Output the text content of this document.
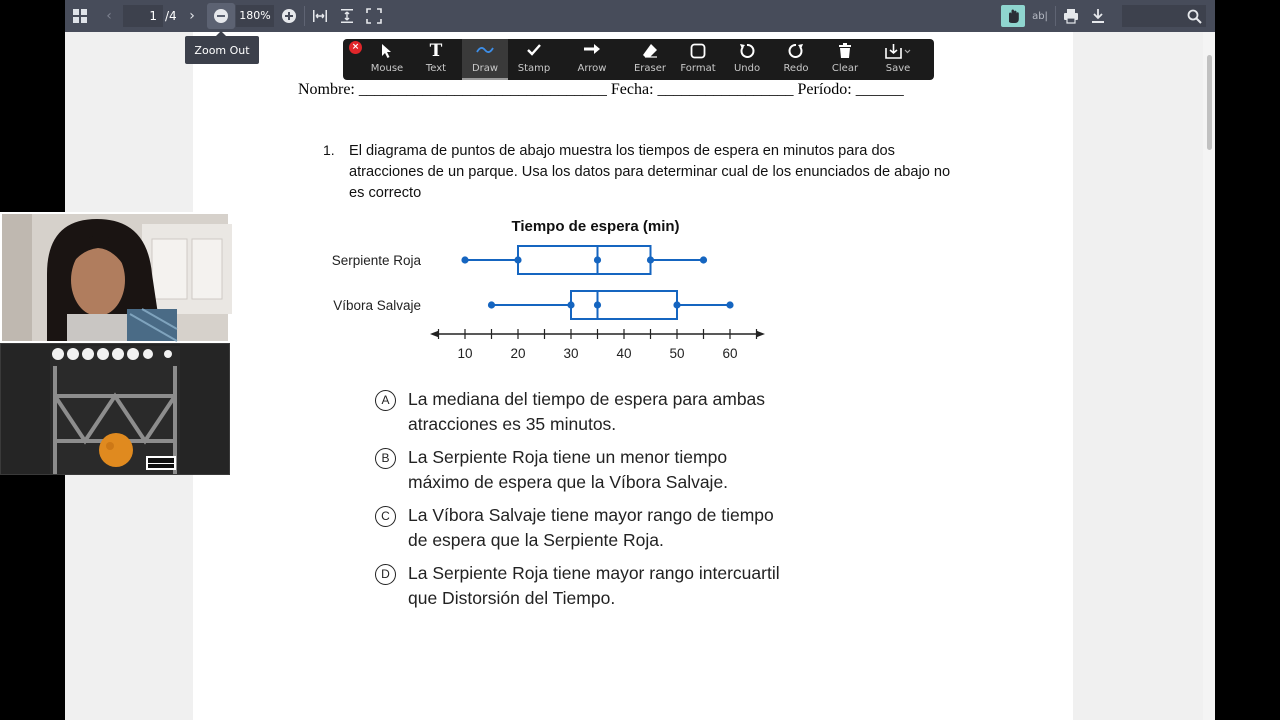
‹	1 /4 ›	180%	ab|
Zoom Out
Nombre: _______________________________ Fecha: _________________ Período: ______
1. El diagrama de puntos de abajo muestra los tiempos de espera en minutos para dos atracciones de un parque. Usa los datos para determinar cual de los enunciados de abajo no es correcto
Tiempo de espera (min)
Serpiente Roja
Víbora Salvaje
10	20	30	40	50	60
A	La mediana del tiempo de espera para ambas atracciones es 35 minutos.
B	La Serpiente Roja tiene un menor tiempo máximo de espera que la Víbora Salvaje.
C	La Víbora Salvaje tiene mayor rango de tiempo de espera que la Serpiente Roja.
D	La Serpiente Roja tiene mayor rango intercuartil que Distorsión del Tiempo.
×
Mouse
T
Text	Draw	Stamp	Arrow	Eraser	Format	Undo	Redo	Clear	Save
